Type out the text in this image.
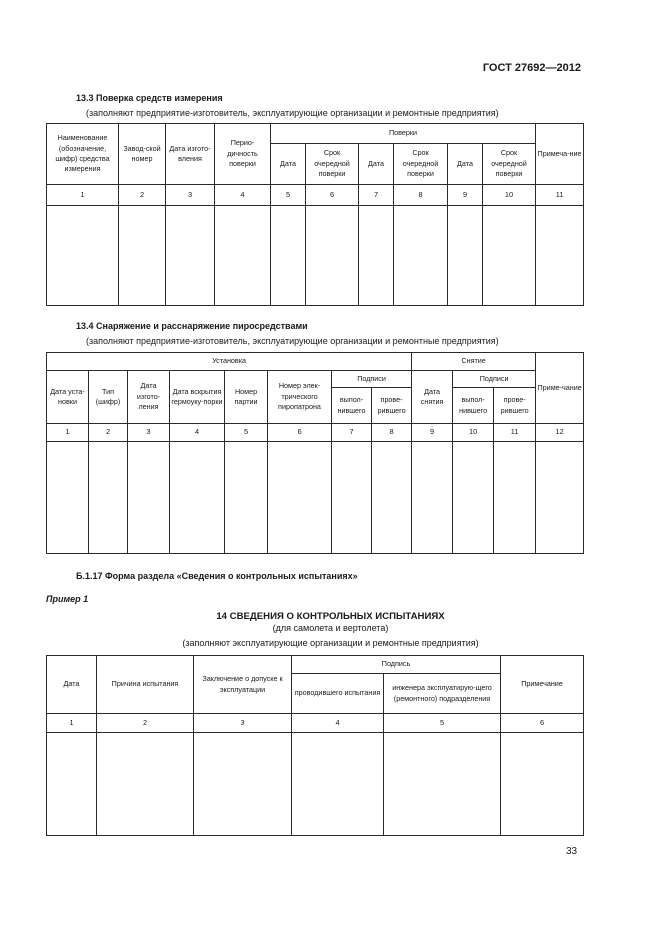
ГОСТ 27692—2012
13.3 Поверка средств измерения
(заполняют предприятие-изготовитель, эксплуатирующие организации и ремонтные предприятия)
Наименование (обозначение, шифр) средства измерения	Завод-ской номер	Дата изгото-вления	Перио-дичность поверки	Поверки						Примеча-ние
				Дата	Срок очередной поверки	Дата	Срок очередной поверки	Дата	Срок очередной поверки	
1	2	3	4	5	6	7	8	9	10	11

13.4 Снаряжение и расснаряжение пиросредствами
(заполняют предприятие-изготовитель, эксплуатирующие организации и ремонтные предприятия)
Установка								Снятие			Приме-чание
Дата уста-новки	Тип (шифр)	Дата изгото-ления	Дата вскрытия гермоуку-порки	Номер партии	Номер элек-трического пиропатрона	Подписи		Дата снятия	Подписи		
						выпол-нившего	прове-рившего		выпол-нившего	прове-рившего	
1	2	3	4	5	6	7	8	9	10	11	12

Б.1.17 Форма раздела «Сведения о контрольных испытаниях»
Пример 1
14 СВЕДЕНИЯ О КОНТРОЛЬНЫХ ИСПЫТАНИЯХ
(для самолета и вертолета)
(заполняют эксплуатирующие организации и ремонтные предприятия)
Дата	Причина испытания	Заключение о допуске к эксплуатации	Подпись		Примечание
			проводившего испытания	инженера эксплуатирую-щего (ремонтного) подразделения	
1	2	3	4	5	6

33
